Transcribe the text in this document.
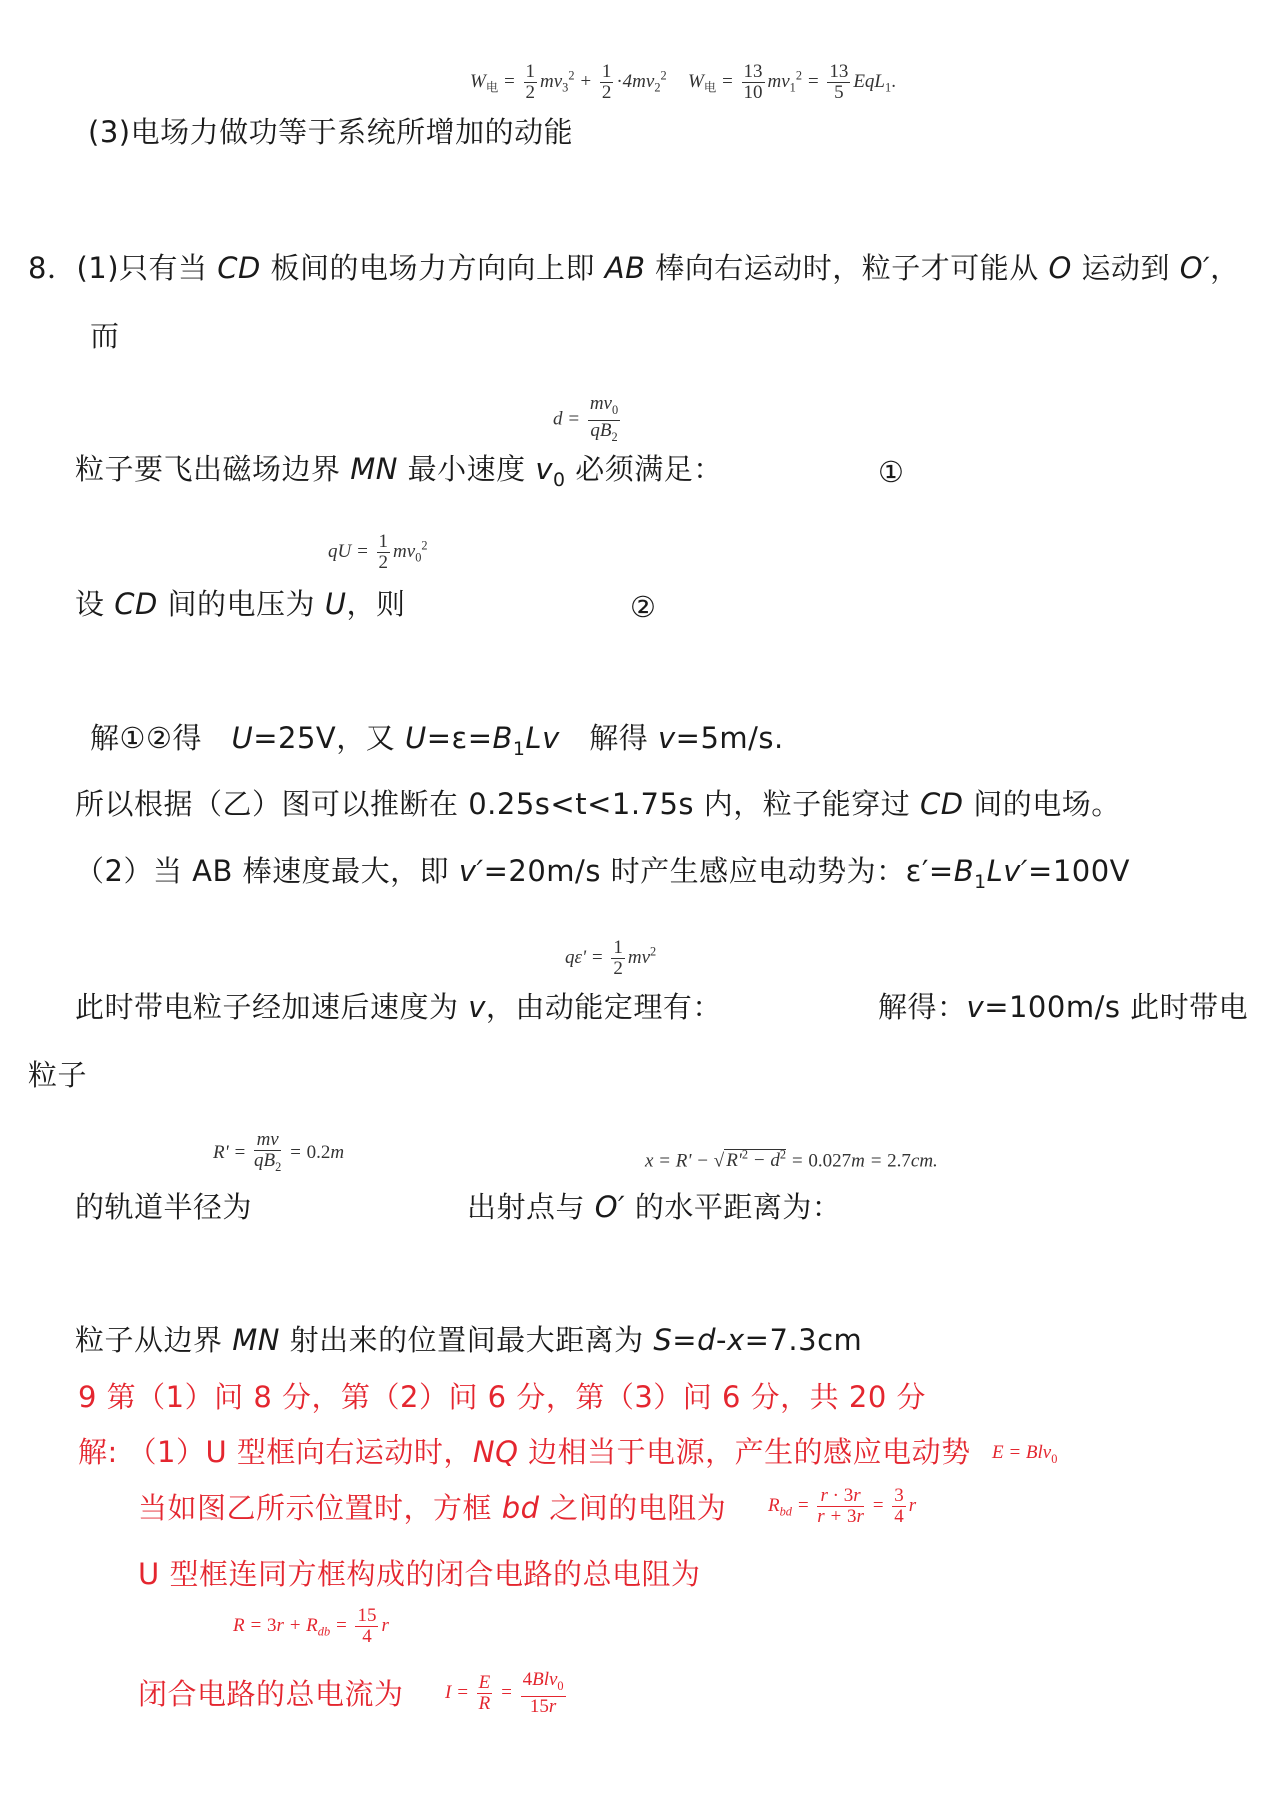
$W_电 = \frac{1}{2} mv_3^2 + \frac{1}{2} \cdot 4mv_2^2$ $W_电 = \frac{13}{10} mv_1^2 = \frac{13}{5} EqL_1$.
(3)电场力做功等于系统所增加的动能
8．(1)只有当 CD 板间的电场力方向向上即 AB 棒向右运动时，粒子才可能从 O 运动到 O′，
而
$d = \frac{mv_0}{qB_2}$
粒子要飞出磁场边界 MN 最小速度 $v_0$ 必须满足：	①
qU = $\frac{1}{2} mv_0^2$
设 CD 间的电压为 U，则	②
解①②得　U=25V，又 $U=\varepsilon=B_1Lv$　解得 v=5m/s.
所以根据（乙）图可以推断在 0.25s<t<1.75s 内，粒子能穿过 CD 间的电场。
（2）当 AB 棒速度最大，即 v′=20m/s 时产生感应电动势为：$\varepsilon'=B_1Lv'=100V$
$q\varepsilon' = \frac{1}{2} mv^2$
此时带电粒子经加速后速度为 v，由动能定理有：	解得：v=100m/s 此时带电
粒子
$R' = \frac{mv}{qB_2} = 0.2m$	x = R' − √ $R'^2 - d^2 = 0.027m = 2.7cm$.
的轨道半径为	出射点与 O′ 的水平距离为：
粒子从边界 MN 射出来的位置间最大距离为 S=d-x=7.3cm
9 第（1）问 8 分，第（2）问 6 分，第（3）问 6 分，共 20 分
解: （1）U 型框向右运动时，NQ 边相当于电源，产生的感应电动势 E = Blv$_0$
当如图乙所示位置时，方框 bd 之间的电阻为 $R_{bd} = \frac{r \cdot 3r}{r + 3r} = \frac{3}{4}$ r
U 型框连同方框构成的闭合电路的总电阻为
$R = 3r + R_{db} = \frac{15}{4}$ r
闭合电路的总电流为 $I = \frac{E}{R}$ =
4Blv$_0$
15r
